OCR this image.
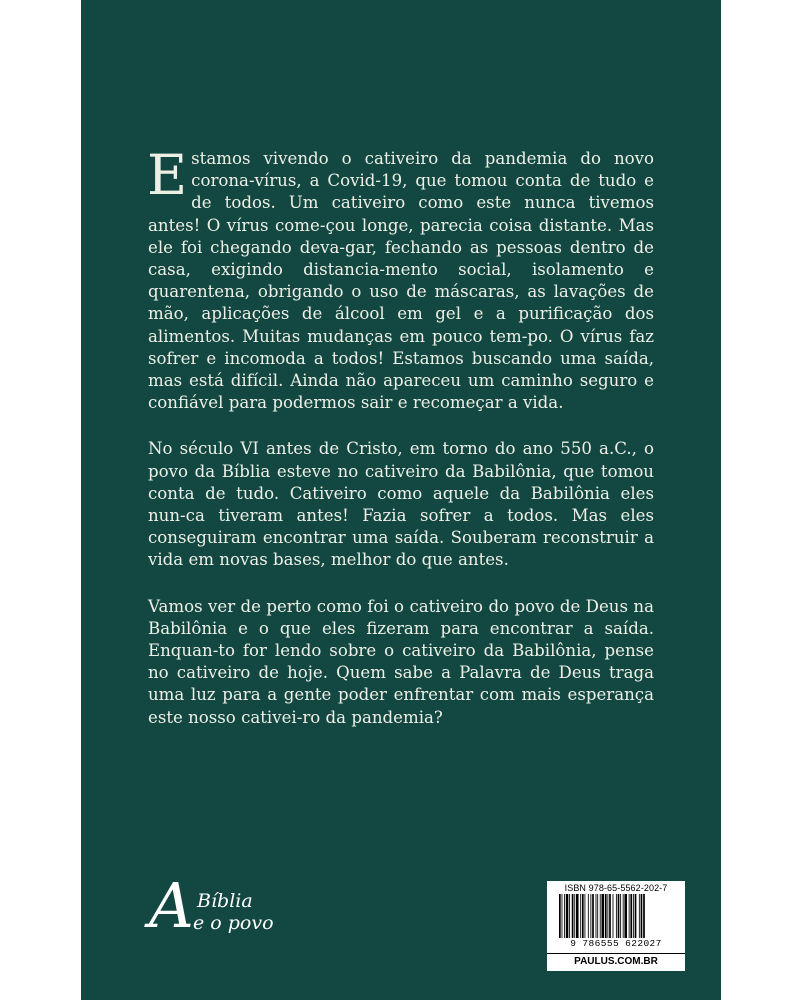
Estamos vivendo o cativeiro da pandemia do novo corona-vírus, a Covid-19, que tomou conta de tudo e de todos. Um cativeiro como este nunca tivemos antes! O vírus come-çou longe, parecia coisa distante. Mas ele foi chegando deva-gar, fechando as pessoas dentro de casa, exigindo distancia-mento social, isolamento e quarentena, obrigando o uso de máscaras, as lavações de mão, aplicações de álcool em gel e a purificação dos alimentos. Muitas mudanças em pouco tem-po. O vírus faz sofrer e incomoda a todos! Estamos buscando uma saída, mas está difícil. Ainda não apareceu um caminho seguro e confiável para podermos sair e recomeçar a vida.

No século VI antes de Cristo, em torno do ano 550 a.C., o povo da Bíblia esteve no cativeiro da Babilônia, que tomou conta de tudo. Cativeiro como aquele da Babilônia eles nun-ca tiveram antes! Fazia sofrer a todos. Mas eles conseguiram encontrar uma saída. Souberam reconstruir a vida em novas bases, melhor do que antes.

Vamos ver de perto como foi o cativeiro do povo de Deus na Babilônia e o que eles fizeram para encontrar a saída. Enquan-to for lendo sobre o cativeiro da Babilônia, pense no cativeiro de hoje. Quem sabe a Palavra de Deus traga uma luz para a gente poder enfrentar com mais esperança este nosso cativei-ro da pandemia?

A Bíblia
e o povo
ISBN 978-65-5562-202-7
9 786555 622027
PAULUS.COM.BR
